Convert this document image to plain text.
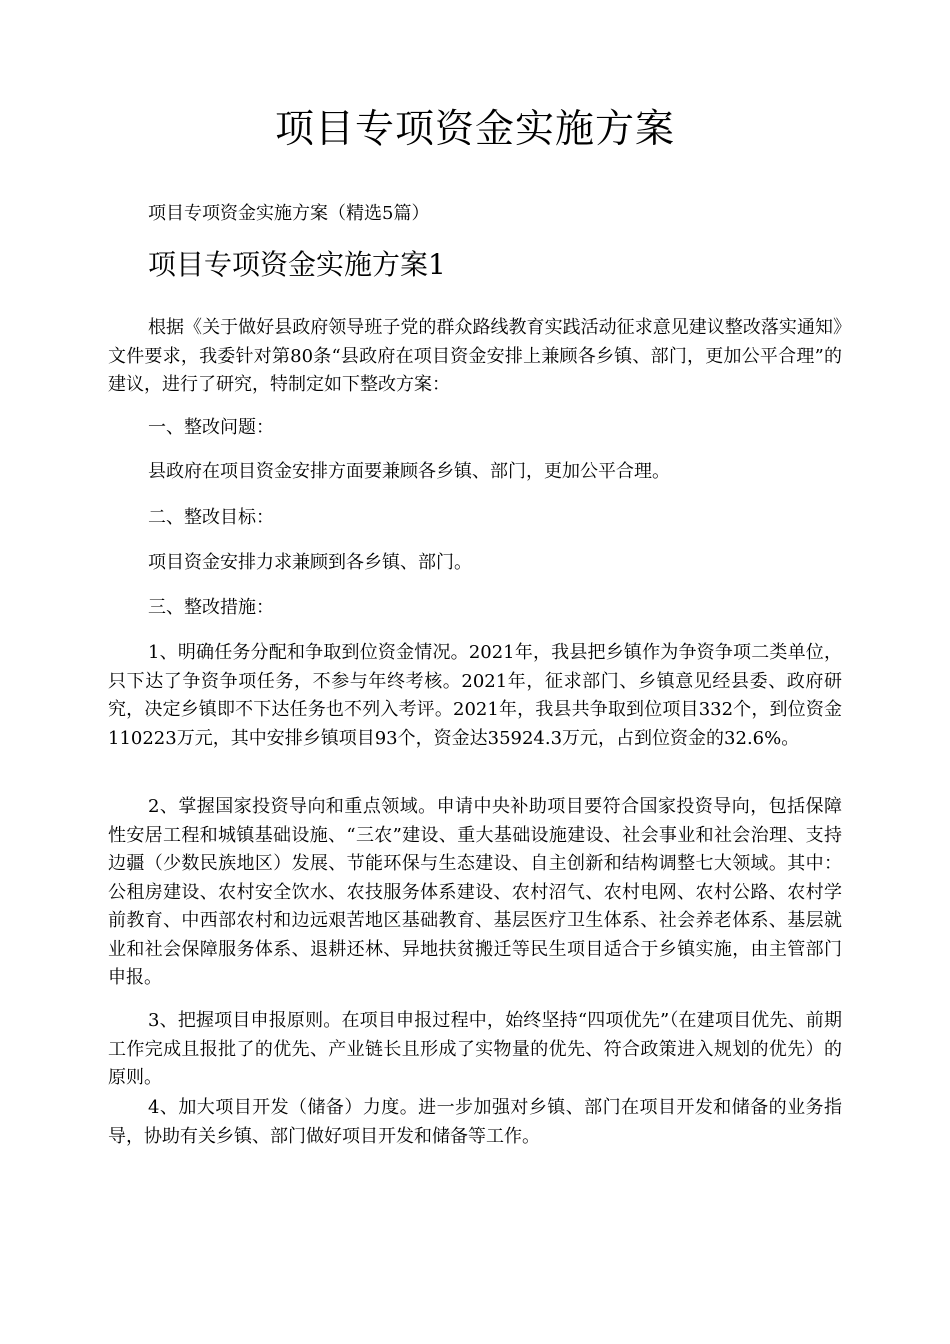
项目专项资金实施方案

项目专项资金实施方案（精选5篇）

项目专项资金实施方案1

根据《关于做好县政府领导班子党的群众路线教育实践活动征求意见建议整改落实通知》文件要求，我委针对第80条“县政府在项目资金安排上兼顾各乡镇、部门，更加公平合理”的建议，进行了研究，特制定如下整改方案：

一、整改问题：

县政府在项目资金安排方面要兼顾各乡镇、部门，更加公平合理。

二、整改目标：

项目资金安排力求兼顾到各乡镇、部门。

三、整改措施：

1、明确任务分配和争取到位资金情况。2021年，我县把乡镇作为争资争项二类单位，只下达了争资争项任务，不参与年终考核。2021年，征求部门、乡镇意见经县委、政府研究，决定乡镇即不下达任务也不列入考评。2021年，我县共争取到位项目332个，到位资金110223万元，其中安排乡镇项目93个，资金达35924.3万元，占到位资金的32.6%。

2、掌握国家投资导向和重点领域。申请中央补助项目要符合国家投资导向，包括保障性安居工程和城镇基础设施、“三农”建设、重大基础设施建设、社会事业和社会治理、支持边疆（少数民族地区）发展、节能环保与生态建设、自主创新和结构调整七大领域。其中：公租房建设、农村安全饮水、农技服务体系建设、农村沼气、农村电网、农村公路、农村学前教育、中西部农村和边远艰苦地区基础教育、基层医疗卫生体系、社会养老体系、基层就业和社会保障服务体系、退耕还林、异地扶贫搬迁等民生项目适合于乡镇实施，由主管部门申报。

3、把握项目申报原则。在项目申报过程中，始终坚持“四项优先”（在建项目优先、前期工作完成且报批了的优先、产业链长且形成了实物量的优先、符合政策进入规划的优先）的原则。

4、加大项目开发（储备）力度。进一步加强对乡镇、部门在项目开发和储备的业务指导，协助有关乡镇、部门做好项目开发和储备等工作。
